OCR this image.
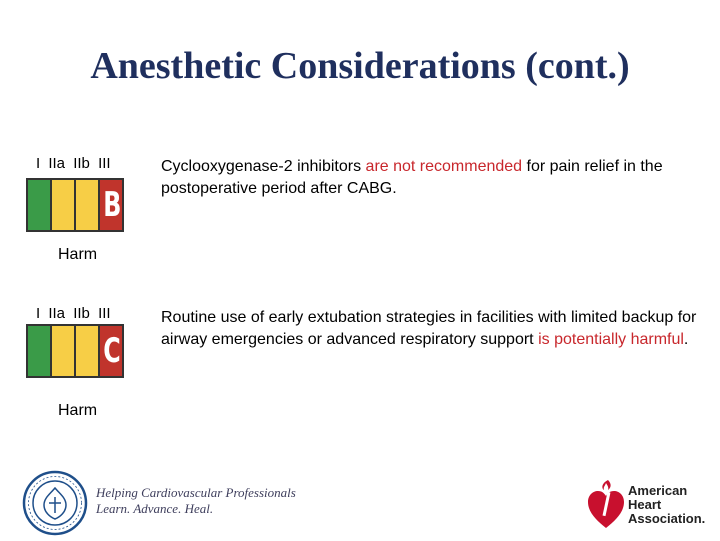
Anesthetic Considerations (cont.)
I IIa IIb III
B
Harm
Cyclooxygenase-2 inhibitors are not recommended for pain relief in the postoperative period after CABG.
I IIa IIb III
C
Harm
Routine use of early extubation strategies in facilities with limited backup for airway emergencies or advanced respiratory support is potentially harmful.
Helping Cardiovascular Professionals
Learn. Advance. Heal.
American
Heart
Association.
